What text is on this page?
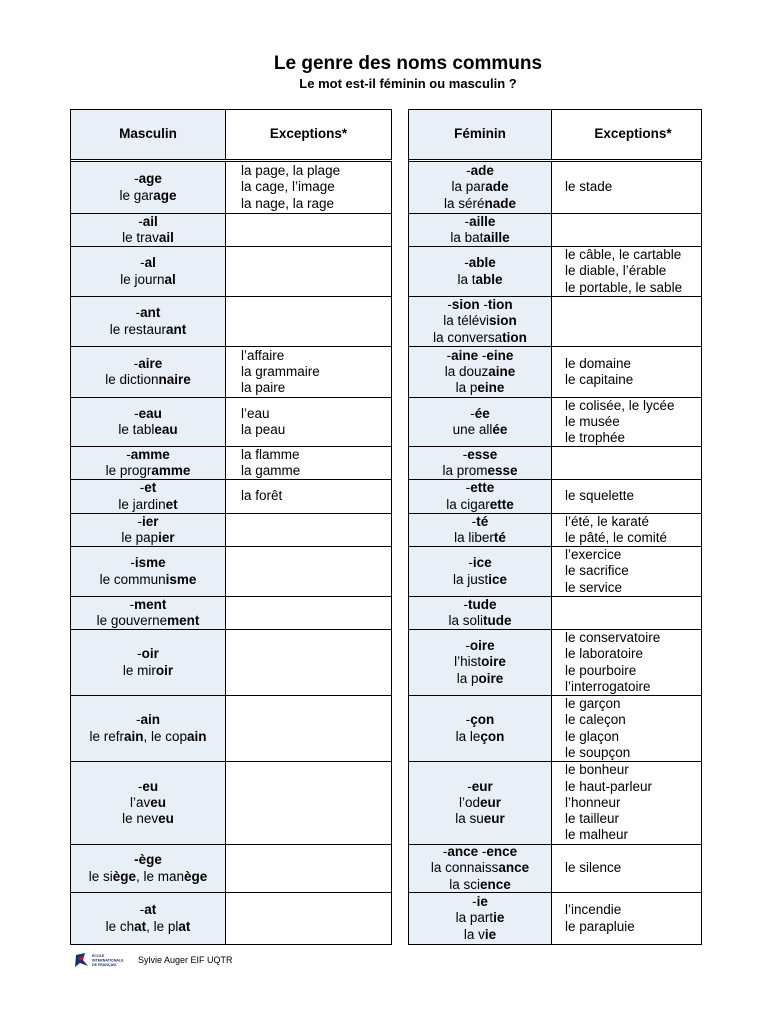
Le genre des noms communs
Le mot est-il féminin ou masculin ?
Masculin	Exceptions*
-age
le garage
la page, la plage
la cage, l’image
la nage, la rage
-ail
le travail
-al
le journal
-ant
le restaurant
-aire
le dictionnaire
l’affaire
la grammaire
la paire
-eau
le tableau
l’eau
la peau
-amme
le programme
la flamme
la gamme
-et
le jardinet
la forêt
-ier
le papier
-isme
le communisme
-ment
le gouvernement
-oir
le miroir
-ain
le refrain, le copain
-eu
l’aveu
le neveu
-ège
le siège, le manège
-at
le chat, le plat
Féminin	Exceptions*
-ade
la parade
la sérénade
le stade
-aille
la bataille
-able
la table
le câble, le cartable
le diable, l’érable
le portable, le sable
-sion -tion
la télévision
la conversation
-aine -eine
la douzaine
la peine
le domaine
le capitaine
-ée
une allée
le colisée, le lycée
le musée
le trophée
-esse
la promesse
-ette
la cigarette
le squelette
-té
la liberté
l’été, le karaté
le pâté, le comité
-ice
la justice
l’exercice
le sacrifice
le service
-tude
la solitude
-oire
l’histoire
la poire
le conservatoire
le laboratoire
le pourboire
l’interrogatoire
-çon
la leçon
le garçon
le caleçon
le glaçon
le soupçon
-eur
l’odeur
la sueur
le bonheur
le haut-parleur
l’honneur
le tailleur
le malheur
-ance -ence
la connaissance
la science
le silence
-ie
la partie
la vie
l’incendie
le parapluie
ÉCOLE
INTERNATIONALE
DE FRANÇAIS Sylvie Auger EIF UQTR
